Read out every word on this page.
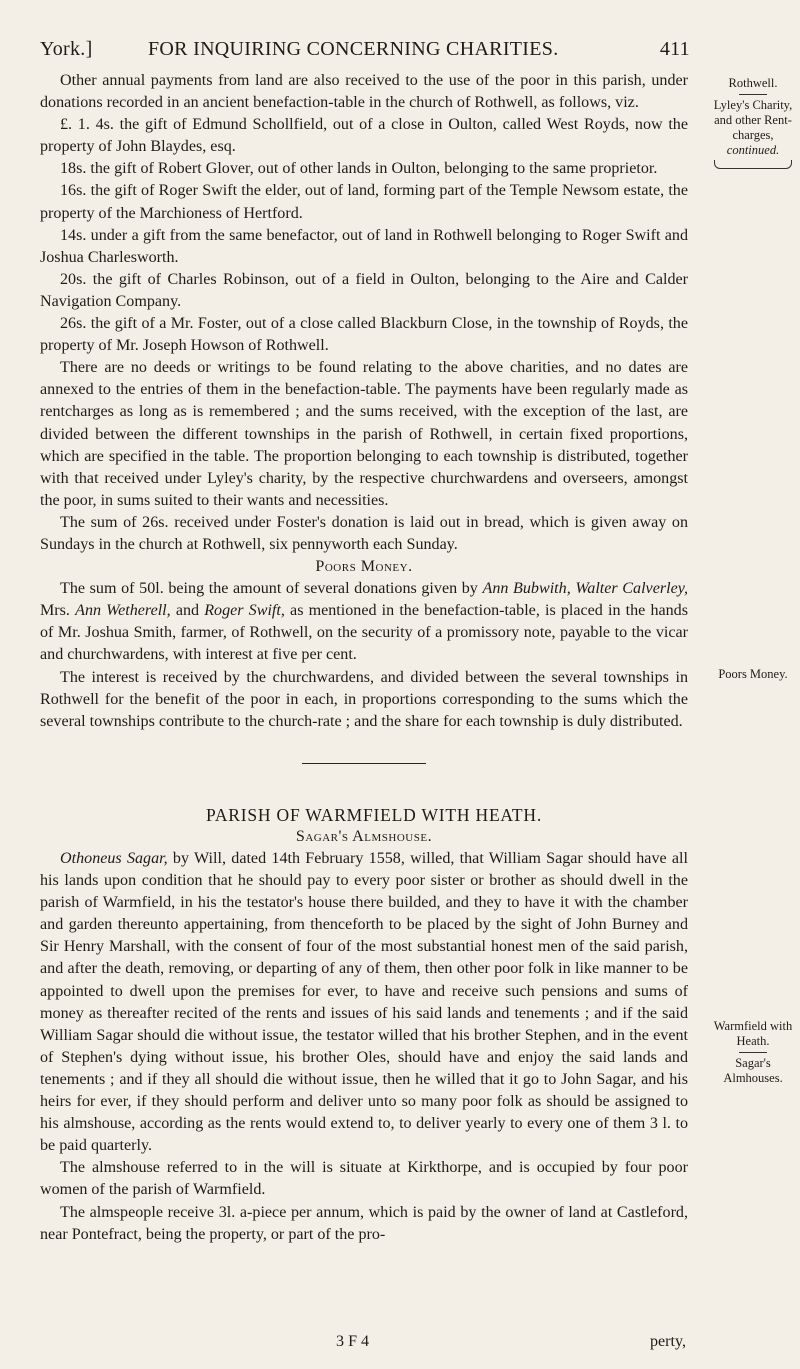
York.]	FOR INQUIRING CONCERNING CHARITIES.	411

Other annual payments from land are also received to the use of the poor in this parish, under donations recorded in an ancient benefaction-table in the church of Rothwell, as follows, viz.

£. 1. 4s. the gift of Edmund Schollfield, out of a close in Oulton, called West Royds, now the property of John Blaydes, esq.

18s. the gift of Robert Glover, out of other lands in Oulton, belonging to the same proprietor.

16s. the gift of Roger Swift the elder, out of land, forming part of the Temple Newsom estate, the property of the Marchioness of Hertford.

14s. under a gift from the same benefactor, out of land in Rothwell belonging to Roger Swift and Joshua Charlesworth.

20s. the gift of Charles Robinson, out of a field in Oulton, belonging to the Aire and Calder Navigation Company.

26s. the gift of a Mr. Foster, out of a close called Blackburn Close, in the township of Royds, the property of Mr. Joseph Howson of Rothwell.

There are no deeds or writings to be found relating to the above charities, and no dates are annexed to the entries of them in the benefaction-table. The payments have been regularly made as rentcharges as long as is remembered ; and the sums received, with the exception of the last, are divided between the different townships in the parish of Rothwell, in certain fixed proportions, which are specified in the table. The proportion belonging to each township is distributed, together with that received under Lyley's charity, by the respective churchwardens and overseers, amongst the poor, in sums suited to their wants and necessities.

The sum of 26s. received under Foster's donation is laid out in bread, which is given away on Sundays in the church at Rothwell, six pennyworth each Sunday.

Poors Money.

The sum of 50l. being the amount of several donations given by Ann Bubwith, Walter Calverley, Mrs. Ann Wetherell, and Roger Swift, as mentioned in the benefaction-table, is placed in the hands of Mr. Joshua Smith, farmer, of Rothwell, on the security of a promissory note, payable to the vicar and churchwardens, with interest at five per cent.

The interest is received by the churchwardens, and divided between the several townships in Rothwell for the benefit of the poor in each, in proportions corresponding to the sums which the several townships contribute to the church-rate ; and the share for each township is duly distributed.

PARISH OF WARMFIELD WITH HEATH.

Sagar's Almshouse.

Othoneus Sagar, by Will, dated 14th February 1558, willed, that William Sagar should have all his lands upon condition that he should pay to every poor sister or brother as should dwell in the parish of Warmfield, in his the testator's house there builded, and they to have it with the chamber and garden thereunto appertaining, from thenceforth to be placed by the sight of John Burney and Sir Henry Marshall, with the consent of four of the most substantial honest men of the said parish, and after the death, removing, or departing of any of them, then other poor folk in like manner to be appointed to dwell upon the premises for ever, to have and receive such pensions and sums of money as thereafter recited of the rents and issues of his said lands and tenements ; and if the said William Sagar should die without issue, the testator willed that his brother Stephen, and in the event of Stephen's dying without issue, his brother Oles, should have and enjoy the said lands and tenements ; and if they all should die without issue, then he willed that it go to John Sagar, and his heirs for ever, if they should perform and deliver unto so many poor folk as should be assigned to his almshouse, according as the rents would extend to, to deliver yearly to every one of them 3 l. to be paid quarterly.

The almshouse referred to in the will is situate at Kirkthorpe, and is occupied by four poor women of the parish of Warmfield.

The almspeople receive 3l. a-piece per annum, which is paid by the owner of land at Castleford, near Pontefract, being the property, or part of the pro-

Rothwell.
Lyley's Charity,
and other Rent-
charges,
continued.
Poors Money.
Warmfield with
Heath.
Sagar's Almhouses.
3 F 4	perty,
